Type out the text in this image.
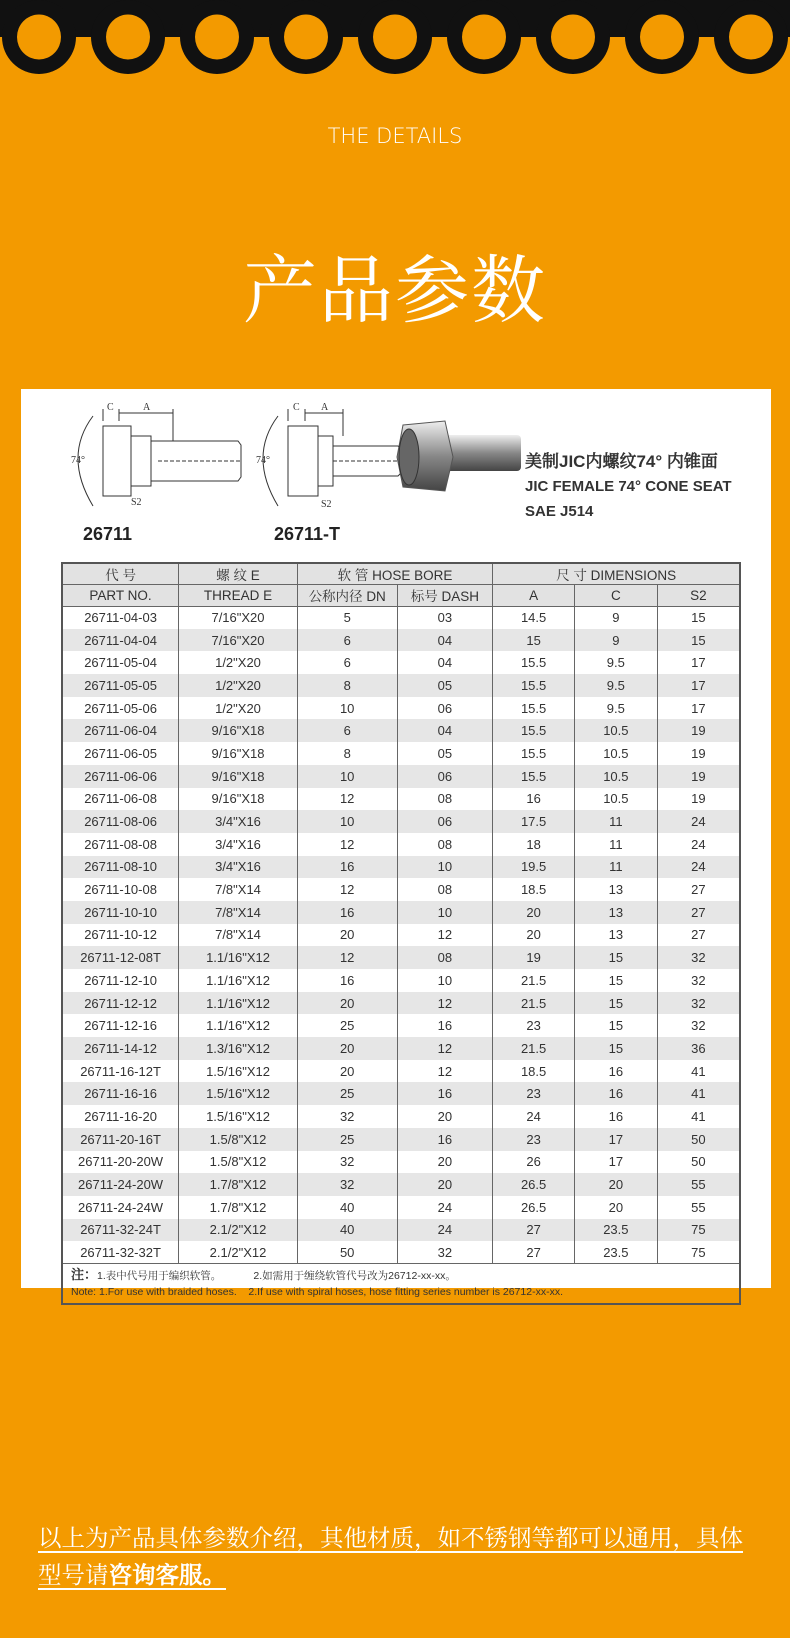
THE DETAILS
产品参数
C	A
74°
S2
C A
74°
S2
26711	26711-T
美制JIC内螺纹74° 内锥面
JIC FEMALE 74° CONE SEAT
SAE J514
代 号	螺 纹 E	软 管 HOSE BORE		尺 寸 DIMENSIONS		
PART NO.	THREAD E	公称内径 DN	标号 DASH	A	C	S2
26711-04-03	7/16"X20	5	03	14.5	9	15
26711-04-04	7/16"X20	6	04	15	9	15
26711-05-04	1/2"X20	6	04	15.5	9.5	17
26711-05-05	1/2"X20	8	05	15.5	9.5	17
26711-05-06	1/2"X20	10	06	15.5	9.5	17
26711-06-04	9/16"X18	6	04	15.5	10.5	19
26711-06-05	9/16"X18	8	05	15.5	10.5	19
26711-06-06	9/16"X18	10	06	15.5	10.5	19
26711-06-08	9/16"X18	12	08	16	10.5	19
26711-08-06	3/4"X16	10	06	17.5	11	24
26711-08-08	3/4"X16	12	08	18	11	24
26711-08-10	3/4"X16	16	10	19.5	11	24
26711-10-08	7/8"X14	12	08	18.5	13	27
26711-10-10	7/8"X14	16	10	20	13	27
26711-10-12	7/8"X14	20	12	20	13	27
26711-12-08T	1.1/16"X12	12	08	19	15	32
26711-12-10	1.1/16"X12	16	10	21.5	15	32
26711-12-12	1.1/16"X12	20	12	21.5	15	32
26711-12-16	1.1/16"X12	25	16	23	15	32
26711-14-12	1.3/16"X12	20	12	21.5	15	36
26711-16-12T	1.5/16"X12	20	12	18.5	16	41
26711-16-16	1.5/16"X12	25	16	23	16	41
26711-16-20	1.5/16"X12	32	20	24	16	41
26711-20-16T	1.5/8"X12	25	16	23	17	50
26711-20-20W	1.5/8"X12	32	20	26	17	50
26711-24-20W	1.7/8"X12	32	20	26.5	20	55
26711-24-24W	1.7/8"X12	40	24	26.5	20	55
26711-32-24T	2.1/2"X12	40	24	27	23.5	75
26711-32-32T	2.1/2"X12	50	32	27	23.5	75

注：1.表中代号用于编织软管。 2.如需用于缠绕软管代号改为26712-xx-xx。
Note: 1.For use with braided hoses.    2.If use with spiral hoses, hose fitting series number is 26712-xx-xx.						
以上为产品具体参数介绍，其他材质，如不锈钢等都可以通用，具体型号请咨询客服。
